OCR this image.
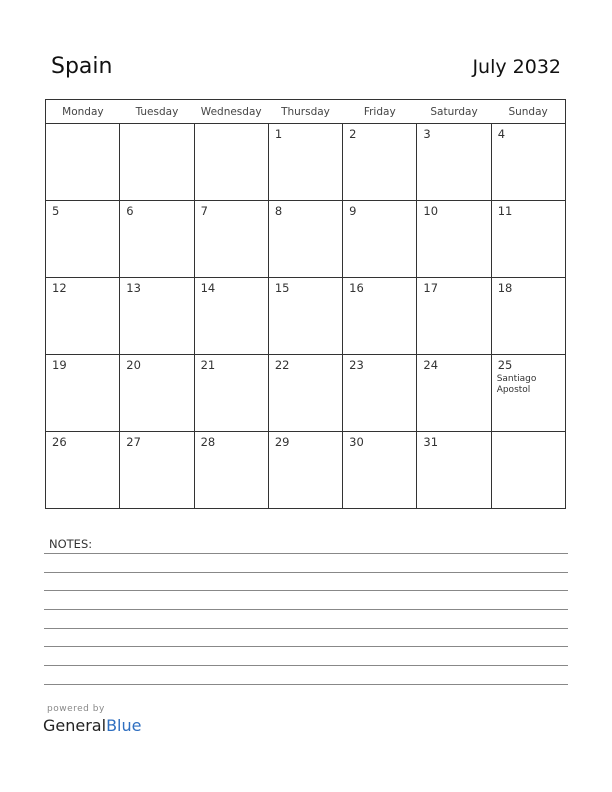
Spain	July 2032
Monday	Tuesday	Wednesday	Thursday	Friday	Saturday	Sunday

			1	2	3	4

5	6	7	8	9	10	11

12	13	14	15	16	17	18

19	20	21	22	23	24	25
Santiago Apostol

26	27	28	29	30	31	

NOTES:
powered by
GeneralBlue
